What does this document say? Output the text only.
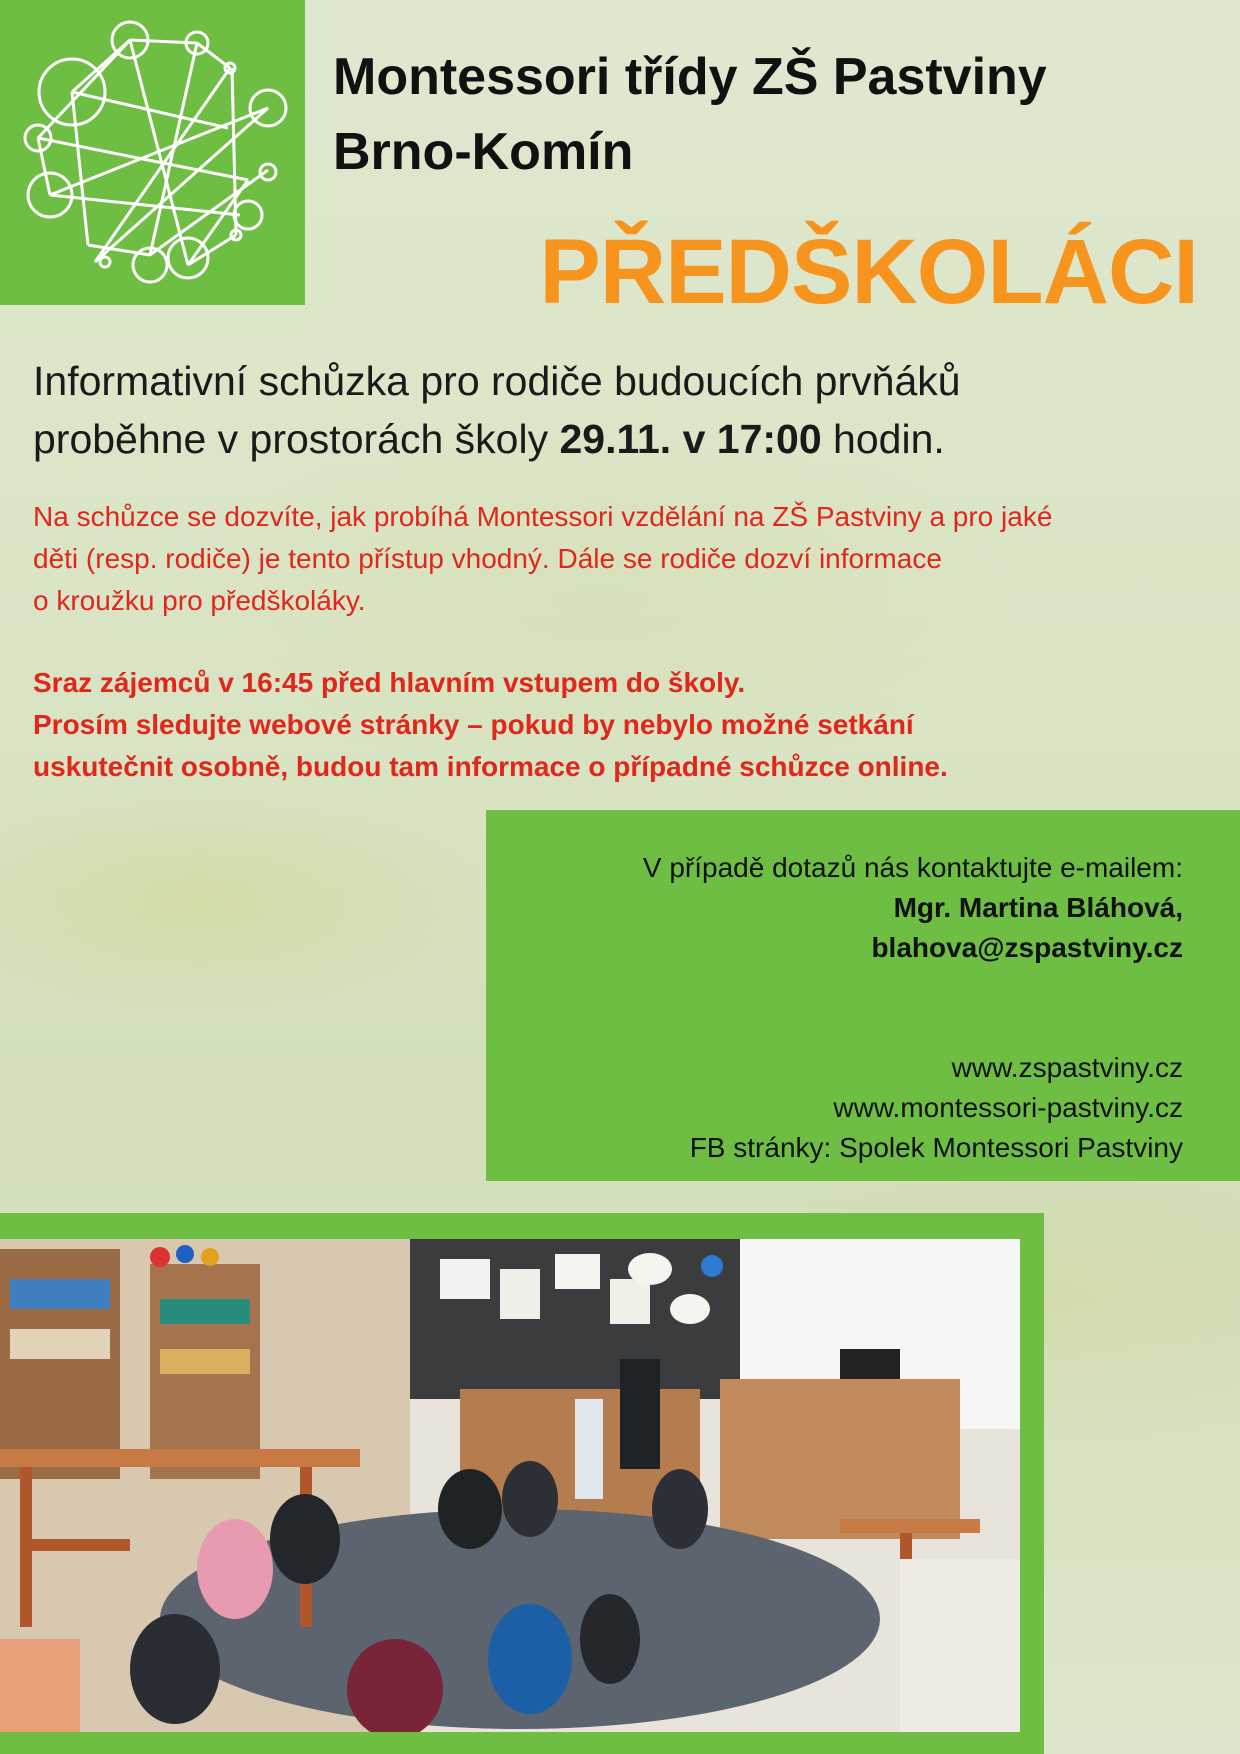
Montessori třídy ZŠ Pastviny
Brno-Komín
PŘEDŠKOLÁCI
Informativní schůzka pro rodiče budoucích prvňáků
proběhne v prostorách školy 29.11. v 17:00 hodin.
Na schůzce se dozvíte, jak probíhá Montessori vzdělání na ZŠ Pastviny a pro jaké
děti (resp. rodiče) je tento přístup vhodný. Dále se rodiče dozví informace
o kroužku pro předškoláky.
Sraz zájemců v 16:45 před hlavním vstupem do školy.
Prosím sledujte webové stránky – pokud by nebylo možné setkání
uskutečnit osobně, budou tam informace o případné schůzce online.
V případě dotazů nás kontaktujte e-mailem:
Mgr. Martina Bláhová,
blahova@zspastviny.cz
www.zspastviny.cz
www.montessori-pastviny.cz
FB stránky: Spolek Montessori Pastviny
